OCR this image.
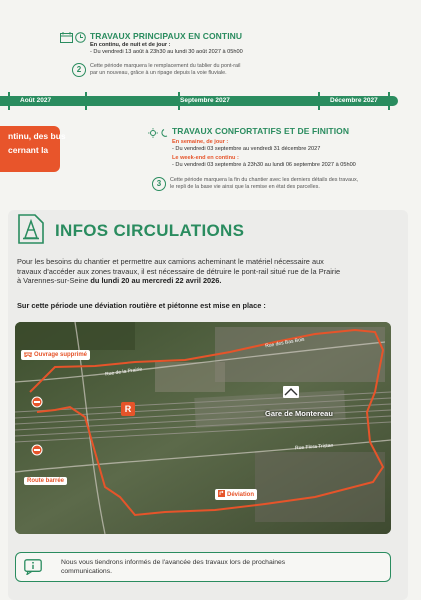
TRAVAUX PRINCIPAUX EN CONTINU
En continu, de nuit et de jour :
- Du vendredi 13 août à 23h30 au lundi 30 août 2027 à 05h00
2	Cette période marquera le remplacement du tablier du pont-rail
par un nouveau, grâce à un ripage depuis la voie fluviale.
Août 2027	Septembre 2027	Décembre 2027
ntinu, des bus
cernant la
TRAVAUX CONFORTATIFS ET DE FINITION
En semaine, de jour :
- Du vendredi 03 septembre au vendredi 31 décembre 2027
Le week-end en continu :
- Du vendredi 03 septembre à 23h30 au lundi 06 septembre 2027 à 05h00
3	Cette période marquera la fin du chantier avec les derniers détails des travaux,
le repli de la base vie ainsi que la remise en état des parcelles.
INFOS CIRCULATIONS
Pour les besoins du chantier et permettre aux camions acheminant le matériel nécessaire aux
travaux d'accéder aux zones travaux, il est nécessaire de détruire le pont-rail situé rue de la Prairie
à Varennes-sur-Seine du lundi 20 au mercredi 22 avril 2026.
Sur cette période une déviation routière et piétonne est mise en place :
Ouvrage supprimé
Route barrée
Déviation
Gare de Montereau
R
Rue de la Prairie
Rue des Bas Bois
Rue Flora Tristan
Nous vous tiendrons informés de l'avancée des travaux lors de prochaines
communications.
